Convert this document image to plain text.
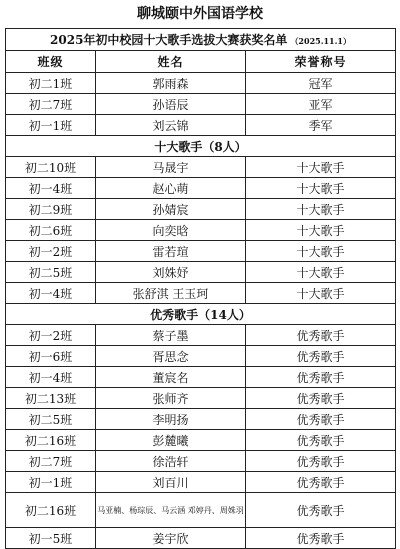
聊城颐中外国语学校
2025年初中校园十大歌手选拔大赛获奖名单 （2025.11.1）		
班级	姓名	荣誉称号
初二1班	郭雨森	冠军
初二7班	孙语辰	亚军
初一1班	刘云锦	季军
十大歌手（8人）		
初二10班	马晟宇	十大歌手
初一4班	赵心萌	十大歌手
初二9班	孙婧宸	十大歌手
初二6班	向奕晗	十大歌手
初一2班	雷若瑄	十大歌手
初二5班	刘姝妤	十大歌手
初一4班	张舒淇 王玉珂	十大歌手
优秀歌手（14人）		
初一2班	蔡子墨	优秀歌手
初一6班	胥思念	优秀歌手
初一4班	董宸名	优秀歌手
初二13班	张师齐	优秀歌手
初二5班	李明扬	优秀歌手
初二16班	彭麓曦	优秀歌手
初二7班	徐浩轩	优秀歌手
初一1班	刘百川	优秀歌手
初二16班	马亚楠、杨琮辰、马云涵 邓婷丹、周姝羽	优秀歌手
初一5班	姜宇欣	优秀歌手
